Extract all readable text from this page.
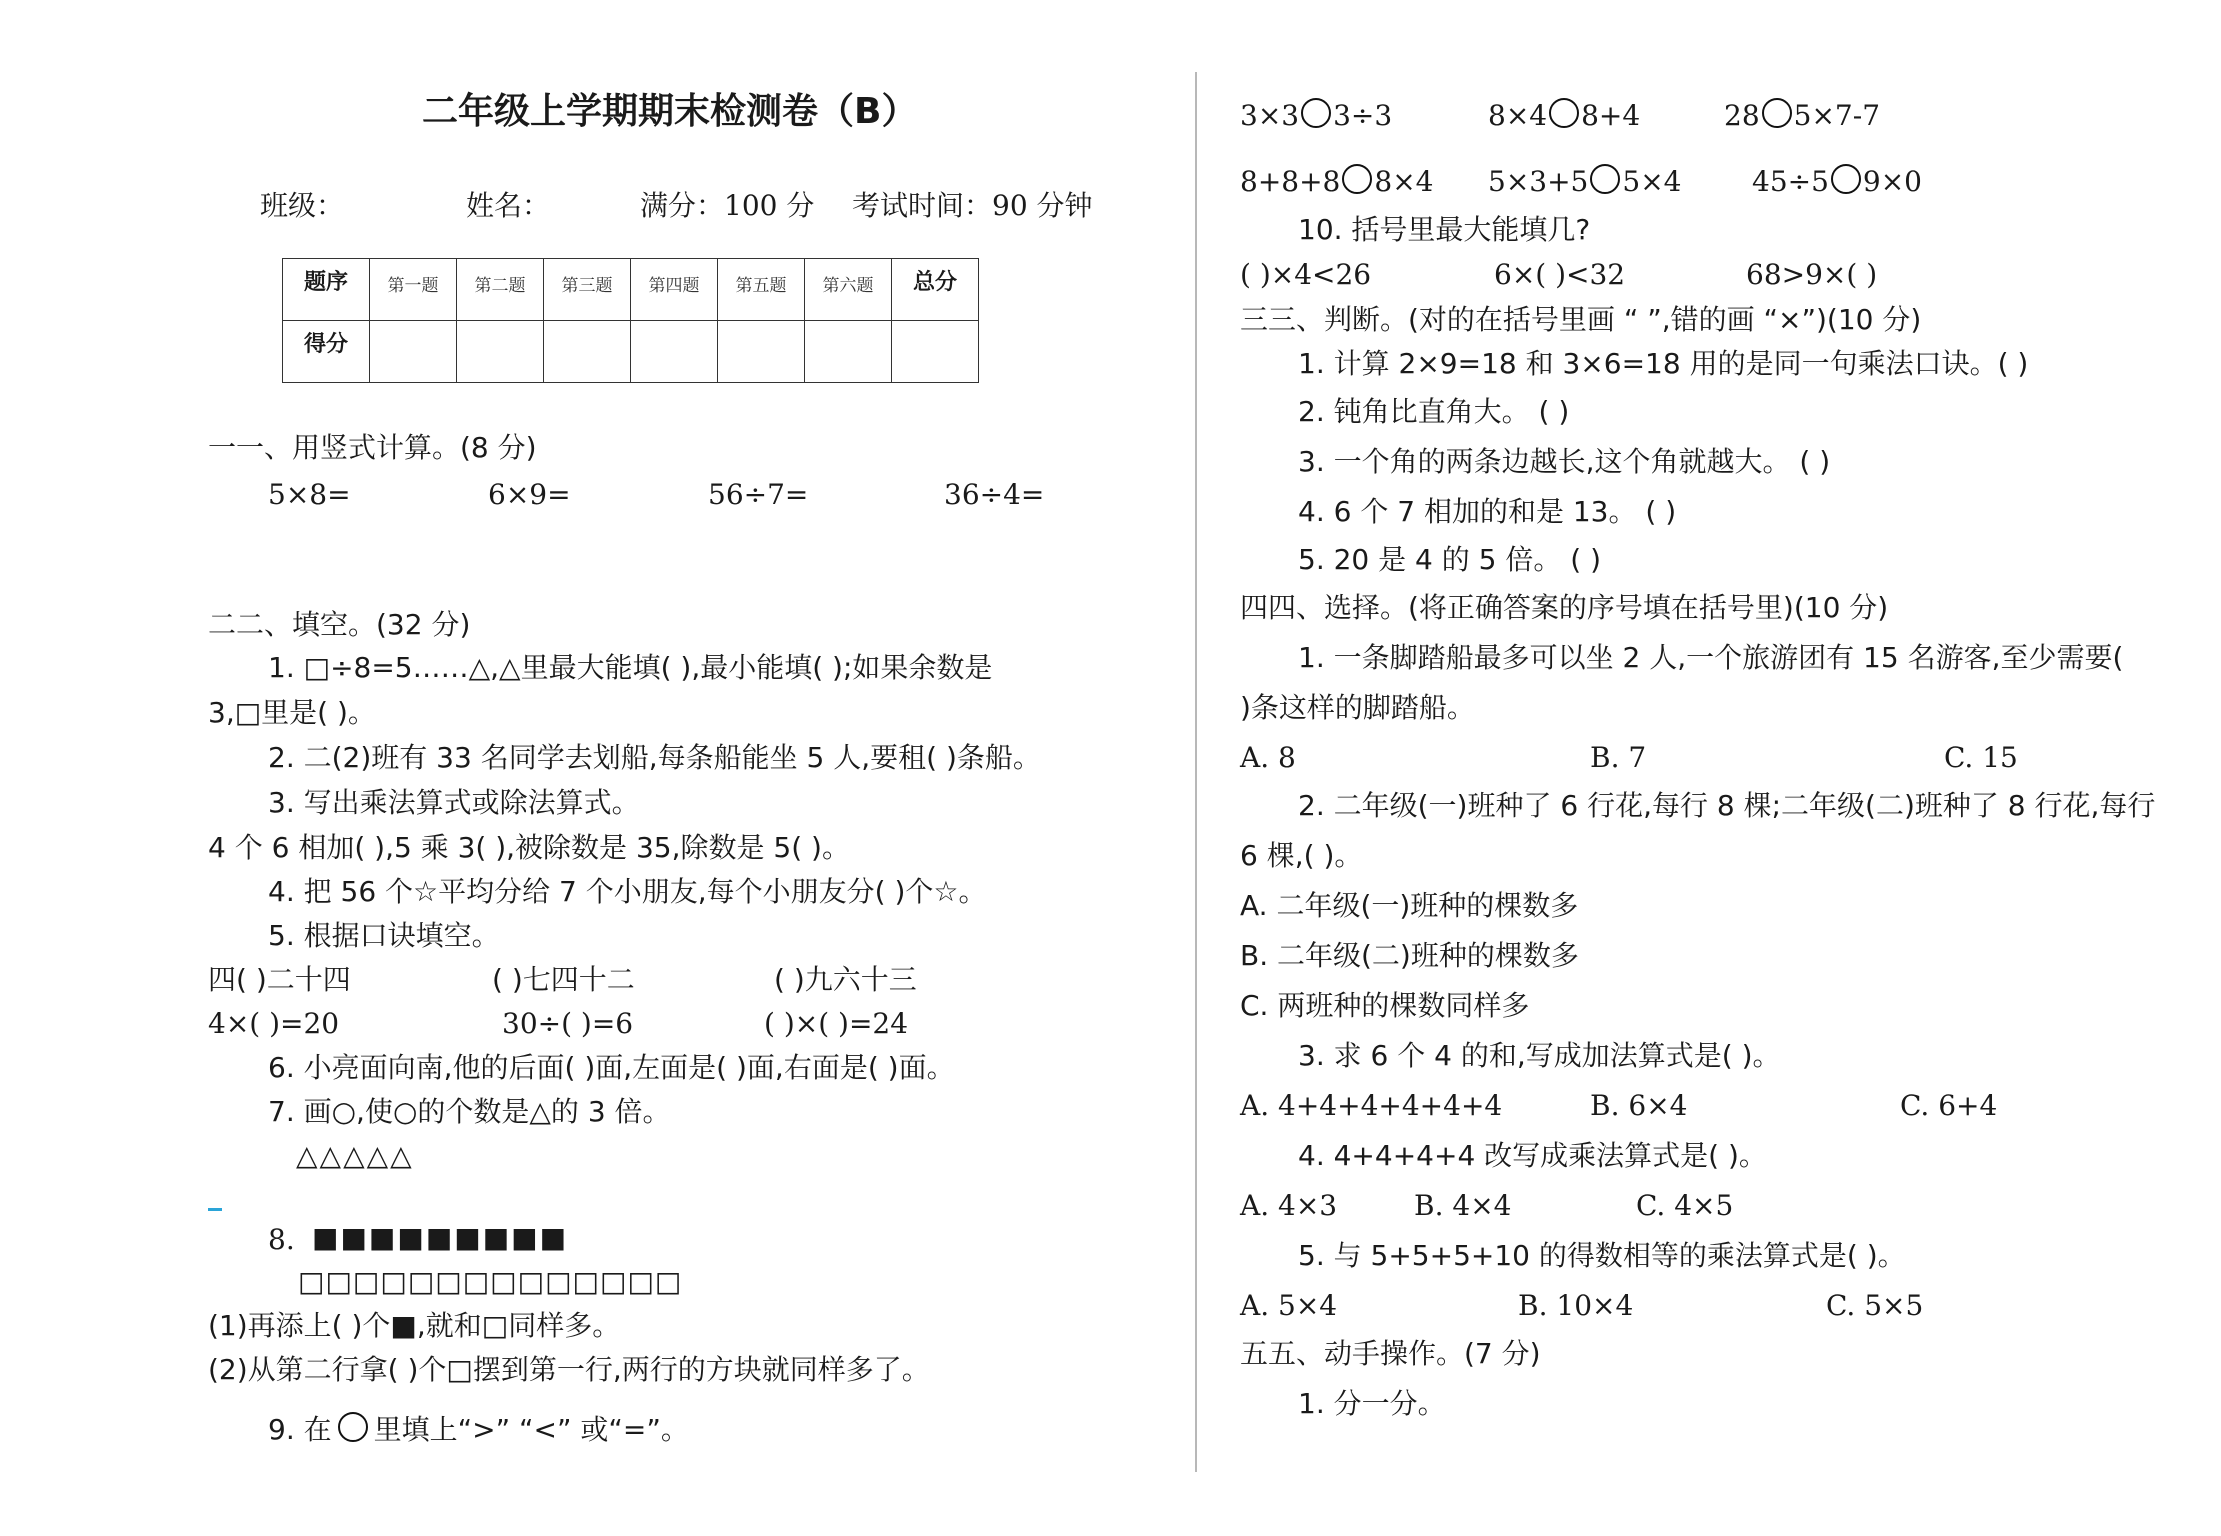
二年级上学期期末检测卷（B）
班级：	姓名：	满分：100 分 考试时间：90 分钟
题序	第一题	第二题	第三题	第四题	第五题	第六题	总分
得分							
一一、用竖式计算。(8 分)
5×8=	6×9=	56÷7=	36÷4=
二二、填空。(32 分)
1. □÷8=5……△,△里最大能填( ),最小能填( );如果余数是
3,□里是( )。
2. 二(2)班有 33 名同学去划船,每条船能坐 5 人,要租( )条船。
3. 写出乘法算式或除法算式。
4 个 6 相加( ),5 乘 3( ),被除数是 35,除数是 5( )。
4. 把 56 个☆平均分给 7 个小朋友,每个小朋友分( )个☆。
5. 根据口诀填空。
四( )二十四	( )七四十二	( )九六十三
4×( )=20	30÷( )=6	( )×( )=24
6. 小亮面向南,他的后面( )面,左面是( )面,右面是( )面。
7. 画○,使○的个数是△的 3 倍。
△△△△△
8. ■■■■■■■■■
□□□□□□□□□□□□□□
(1)再添上( )个■,就和□同样多。
(2)从第二行拿( )个□摆到第一行,两行的方块就同样多了。
9. 在 里填上“>” “<” 或“=”。
3×3 3÷3	8×4 8+4	28 5×7-7
8+8+8 8×4 5×3+5 5×4	45÷5 9×0
10. 括号里最大能填几?
( )×4<26	6×( )<32	68>9×( )
三三、判断。(对的在括号里画 “ ”,错的画 “×”)(10 分)
1. 计算 2×9=18 和 3×6=18 用的是同一句乘法口诀。( )
2. 钝角比直角大。 ( )
3. 一个角的两条边越长,这个角就越大。 ( )
4. 6 个 7 相加的和是 13。 ( )
5. 20 是 4 的 5 倍。 ( )
四四、选择。(将正确答案的序号填在括号里)(10 分)
1. 一条脚踏船最多可以坐 2 人,一个旅游团有 15 名游客,至少需要(
)条这样的脚踏船。
A. 8	B. 7	C. 15
2. 二年级(一)班种了 6 行花,每行 8 棵;二年级(二)班种了 8 行花,每行
6 棵,( )。
A. 二年级(一)班种的棵数多
B. 二年级(二)班种的棵数多
C. 两班种的棵数同样多
3. 求 6 个 4 的和,写成加法算式是( )。
A. 4+4+4+4+4+4	B. 6×4	C. 6+4
4. 4+4+4+4 改写成乘法算式是( )。
A. 4×3	B. 4×4	C. 4×5
5. 与 5+5+5+10 的得数相等的乘法算式是( )。
A. 5×4	B. 10×4	C. 5×5
五五、动手操作。(7 分)
1. 分一分。
